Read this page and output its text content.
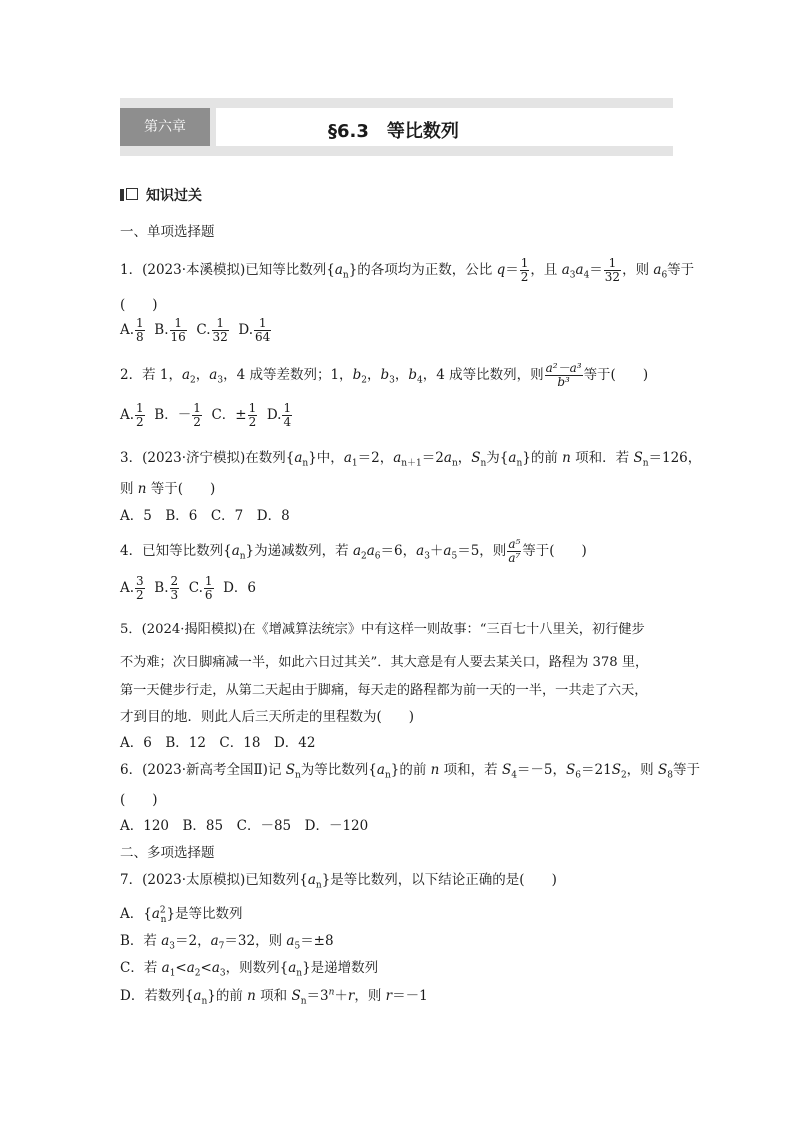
第六章	§6.3　等比数列
知识过关
一、单项选择题
1．(2023·本溪模拟)已知等比数列$\{a_n\}$的各项均为正数，公比 $q= \frac{1}{2}$ ，且 $a_3a_4= \frac{1}{32}$ ，则 $a_6$等于
(　　)
A. $\frac{1}{8} B$. $\frac{1}{16} C$. $\frac{1}{32} D$. $\frac{1}{64}$
2．若 1，$a_2$，$a_3$，4 成等差数列；1，$b_2$，$b_3$，$b_4$，4 成等比数列，则 $\frac{\text{a²－a³}}{\text{b³}}$ 等于(　　)
A. $\frac{1}{2}$ B．－ $\frac{1}{2}$ C．± $\frac{1}{2} D$. $\frac{1}{4}$
3．(2023·济宁模拟)在数列$\{a_n\}$中，$a_1=2$，$a_{n+1}=2a_n$，$S_n$为$\{a_n\}$的前 n 项和．若 $S_n=126$，
则 n 等于(　　)
A．5　B．6　C．7　D．8
4．已知等比数列$\{a_n\}$为递减数列，若 $a_2a_6=6$，$a_3+a_5=5$，则 $\frac{\text{a⁵}}{\text{a⁷}}$ 等于(　　)
A. $\frac{3}{2} B$. $\frac{2}{3} C$. $\frac{1}{6}$ D．6
5．(2024·揭阳模拟)在《增减算法统宗》中有这样一则故事：“三百七十八里关，初行健步
不为难；次日脚痛减一半，如此六日过其关”．其大意是有人要去某关口，路程为 378 里，
第一天健步行走，从第二天起由于脚痛，每天走的路程都为前一天的一半，一共走了六天，
才到目的地．则此人后三天所走的里程数为(　　)
A．6　B．12　C．18　D．42
6．(2023·新高考全国Ⅱ)记 $S_n$为等比数列$\{a_n\}$的前 n 项和，若 $S_4=-5$，$S_6=21S_2$，则 $S_8$等于
(　　)
A．120　B．85　C．－85　D．－120
二、多项选择题
7．(2023·太原模拟)已知数列$\{a_n\}$是等比数列，以下结论正确的是(　　)
A．$\{a^2_n\}$是等比数列
B．若 $a_3=2$，$a_7=32$，则 $a_5=\pm 8$
C．若 $a_1<a_2<a_3$，则数列$\{a_n\}$是递增数列
D．若数列$\{a_n\}$的前 n 项和 $S_n=3^n+r$，则 r＝－1
